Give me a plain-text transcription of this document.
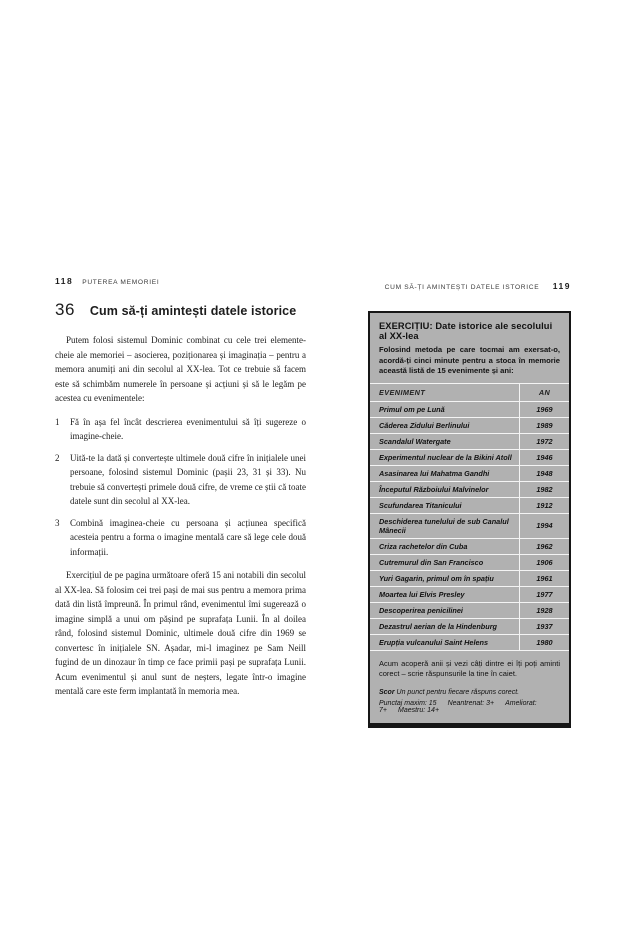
118 PUTEREA MEMORIEI
36 Cum să-ți amintești datele istorice

Putem folosi sistemul Dominic combinat cu cele trei elemente-cheie ale memoriei – asocierea, poziționarea și imaginația – pentru a memora anumiți ani din secolul al XX-lea. Tot ce trebuie să facem este să schimbăm numerele în persoane și acțiuni și să le legăm pe acestea cu evenimentele:

1	Fă în așa fel încât descrierea evenimentului să îți sugereze o imagine-cheie.
2	Uită-te la dată și convertește ultimele două cifre în inițialele unei persoane, folosind sistemul Dominic (pașii 23, 31 și 33). Nu trebuie să convertești primele două cifre, de vreme ce știi că toate datele sunt din secolul al XX-lea.
3	Combină imaginea-cheie cu persoana și acțiunea specifică acesteia pentru a forma o imagine mentală care să lege cele două informații.

Exercițiul de pe pagina următoare oferă 15 ani notabili din secolul al XX-lea. Să folosim cei trei pași de mai sus pentru a memora prima dată din listă împreună. În primul rând, evenimentul îmi sugerează o imagine simplă a unui om pășind pe suprafața Lunii. În al doilea rând, folosind sistemul Dominic, ultimele două cifre din 1969 se convertesc în inițialele SN. Așadar, mi-l imaginez pe Sam Neill fugind de un dinozaur în timp ce face primii pași pe suprafața Lunii. Acum evenimentul și anul sunt de neșters, legate într-o imagine mentală care este ferm implantată în memoria mea.

CUM SĂ-ȚI AMINTEȘTI DATELE ISTORICE 119
EXERCIȚIU: Date istorice ale secolului al XX-lea
Folosind metoda pe care tocmai am exersat-o, acordă-ți cinci minute pentru a stoca în memorie această listă de 15 evenimente și ani:
EVENIMENT	AN
Primul om pe Lună	1969
Căderea Zidului Berlinului	1989
Scandalul Watergate	1972
Experimentul nuclear de la Bikini Atoll	1946
Asasinarea lui Mahatma Gandhi	1948
Începutul Războiului Malvinelor	1982
Scufundarea Titanicului	1912
Deschiderea tunelului de sub Canalul Mânecii	1994
Criza rachetelor din Cuba	1962
Cutremurul din San Francisco	1906
Yuri Gagarin, primul om în spațiu	1961
Moartea lui Elvis Presley	1977
Descoperirea penicilinei	1928
Dezastrul aerian de la Hindenburg	1937
Erupția vulcanului Saint Helens	1980
Acum acoperă anii și vezi câți dintre ei îți poți aminti corect – scrie răspunsurile la tine în caiet.
Scor Un punct pentru fiecare răspuns corect.
Punctaj maxim: 15 Neantrenat: 3+ Ameliorat: 7+ Maestru: 14+
